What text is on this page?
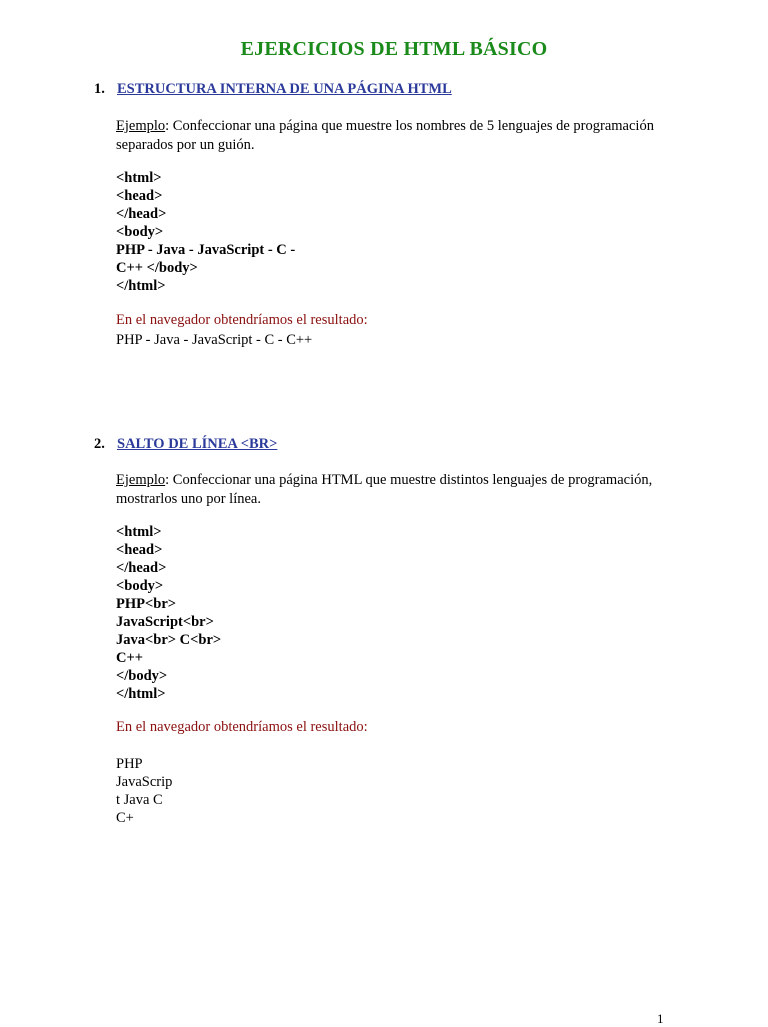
EJERCICIOS DE HTML BÁSICO
1. ESTRUCTURA INTERNA DE UNA PÁGINA HTML
Ejemplo: Confeccionar una página que muestre los nombres de 5 lenguajes de programación separados por un guión.
<html>
<head>
</head>
<body>
PHP - Java - JavaScript - C -
C++ </body>
</html>
En el navegador obtendríamos el resultado:
PHP - Java - JavaScript - C - C++
2. SALTO DE LÍNEA <BR>
Ejemplo: Confeccionar una página HTML que muestre distintos lenguajes de programación, mostrarlos uno por línea.
<html>
<head>
</head>
<body>
PHP<br>
JavaScript<br>
Java<br> C<br>
C++
</body>
</html>
En el navegador obtendríamos el resultado:
PHP
JavaScrip
t Java C
C+
1
